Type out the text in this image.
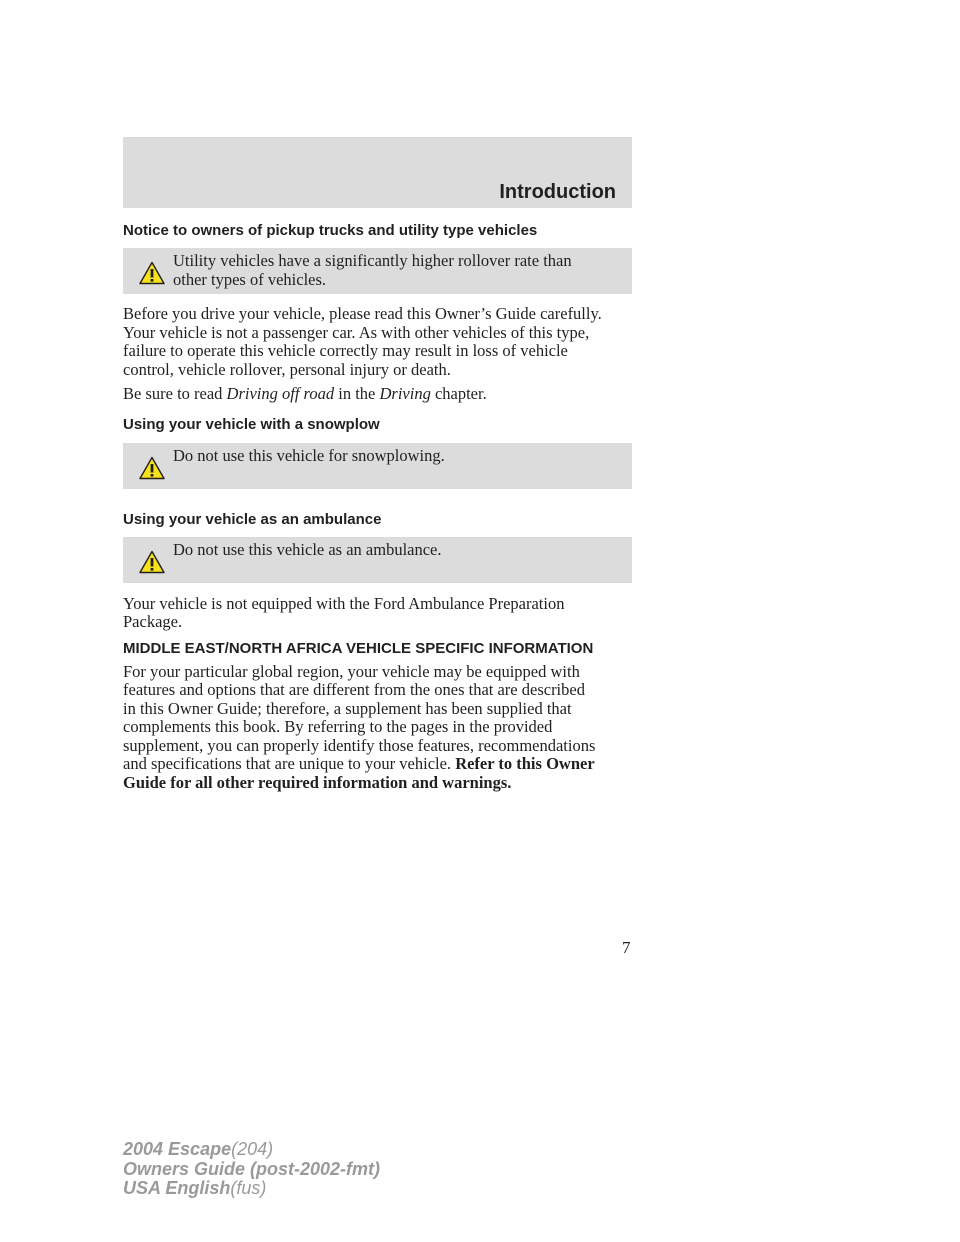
Introduction
Notice to owners of pickup trucks and utility type vehicles
Utility vehicles have a significantly higher rollover rate than
other types of vehicles.
Before you drive your vehicle, please read this Owner’s Guide carefully.
Your vehicle is not a passenger car. As with other vehicles of this type,
failure to operate this vehicle correctly may result in loss of vehicle
control, vehicle rollover, personal injury or death.
Be sure to read Driving off road in the Driving chapter.
Using your vehicle with a snowplow
Do not use this vehicle for snowplowing.
Using your vehicle as an ambulance
Do not use this vehicle as an ambulance.
Your vehicle is not equipped with the Ford Ambulance Preparation
Package.
MIDDLE EAST/NORTH AFRICA VEHICLE SPECIFIC INFORMATION
For your particular global region, your vehicle may be equipped with
features and options that are different from the ones that are described
in this Owner Guide; therefore, a supplement has been supplied that
complements this book. By referring to the pages in the provided
supplement, you can properly identify those features, recommendations
and specifications that are unique to your vehicle. Refer to this Owner
Guide for all other required information and warnings.
7
2004 Escape(204)
Owners Guide (post-2002-fmt)
USA English(fus)
